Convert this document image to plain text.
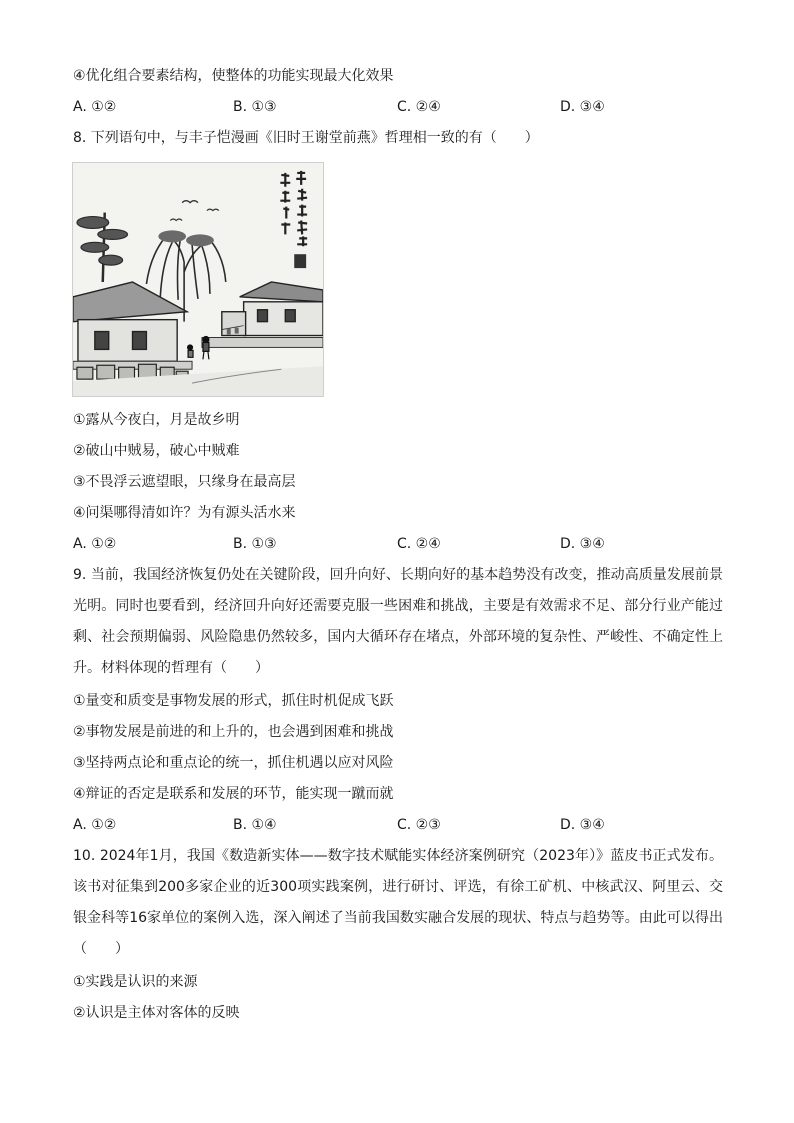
④优化组合要素结构，使整体的功能实现最大化效果
A. ①②	B. ①③	C. ②④	D. ③④
8. 下列语句中，与丰子恺漫画《旧时王谢堂前燕》哲理相一致的有（　　）
①露从今夜白，月是故乡明
②破山中贼易，破心中贼难
③不畏浮云遮望眼，只缘身在最高层
④问渠哪得清如许？为有源头活水来
A. ①②	B. ①③	C. ②④	D. ③④
9. 当前，我国经济恢复仍处在关键阶段，回升向好、长期向好的基本趋势没有改变，推动高质量发展前景光明。同时也要看到，经济回升向好还需要克服一些困难和挑战，主要是有效需求不足、部分行业产能过剩、社会预期偏弱、风险隐患仍然较多，国内大循环存在堵点，外部环境的复杂性、严峻性、不确定性上升。材料体现的哲理有（　　）
①量变和质变是事物发展的形式，抓住时机促成飞跃
②事物发展是前进的和上升的，也会遇到困难和挑战
③坚持两点论和重点论的统一，抓住机遇以应对风险
④辩证的否定是联系和发展的环节，能实现一蹴而就
A. ①②	B. ①④	C. ②③	D. ③④
10. 2024年1月，我国《数造新实体——数字技术赋能实体经济案例研究（2023年）》蓝皮书正式发布。该书对征集到200多家企业的近300项实践案例，进行研讨、评选，有徐工矿机、中核武汉、阿里云、交银金科等16家单位的案例入选，深入阐述了当前我国数实融合发展的现状、特点与趋势等。由此可以得出（　　）
①实践是认识的来源
②认识是主体对客体的反映
